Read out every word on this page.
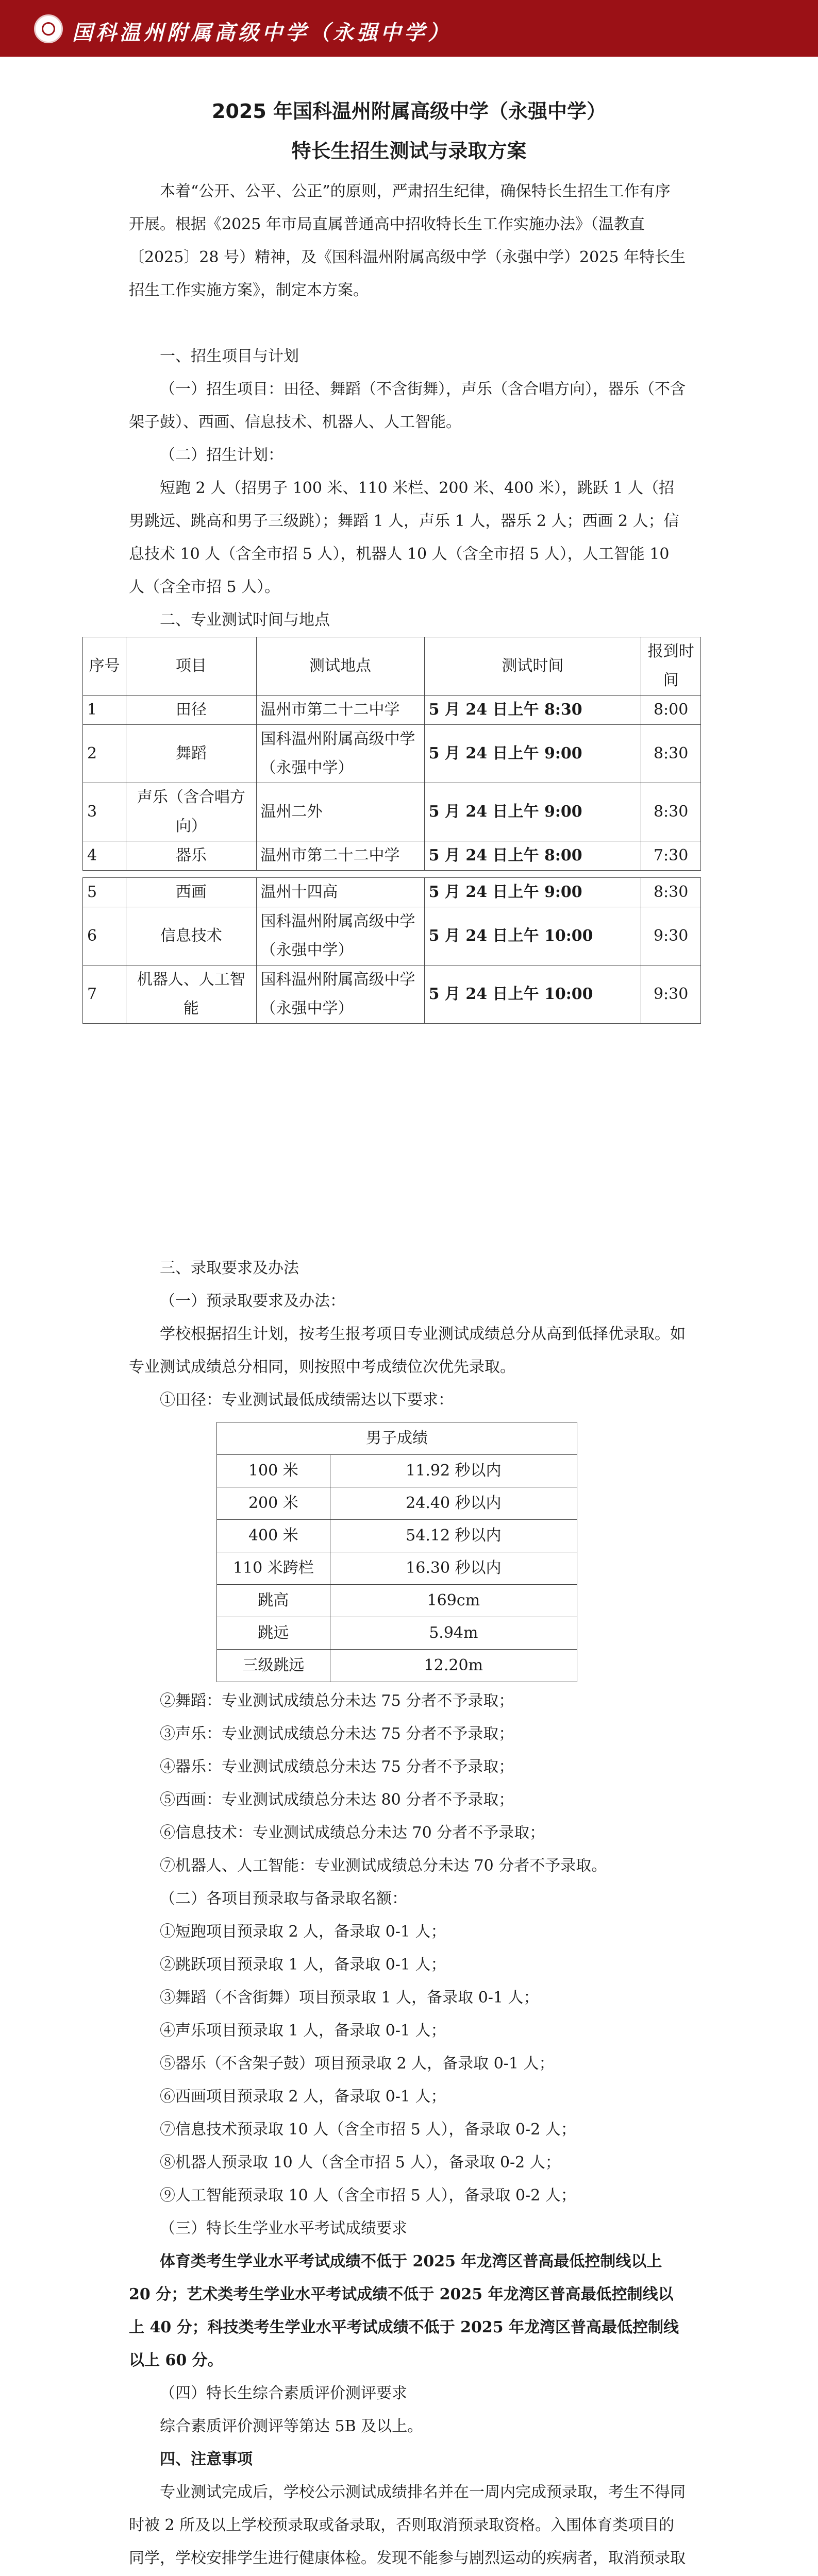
国科温州附属高级中学（永强中学）
2025 年国科温州附属高级中学（永强中学）
特长生招生测试与录取方案

本着“公开、公平、公正”的原则，严肃招生纪律，确保特长生招生工作有序开展。根据《2025 年市局直属普通高中招收特长生工作实施办法》（温教直〔2025〕28 号）精神，及《国科温州附属高级中学（永强中学）2025 年特长生招生工作实施方案》，制定本方案。

一、招生项目与计划

（一）招生项目：田径、舞蹈（不含街舞），声乐（含合唱方向），器乐（不含架子鼓）、西画、信息技术、机器人、人工智能。

（二）招生计划：

短跑 2 人（招男子 100 米、110 米栏、200 米、400 米），跳跃 1 人（招男跳远、跳高和男子三级跳）；舞蹈 1 人，声乐 1 人，器乐 2 人；西画 2 人；信息技术 10 人（含全市招 5 人），机器人 10 人（含全市招 5 人），人工智能 10 人（含全市招 5 人）。

二、专业测试时间与地点
序号	项目	测试地点	测试时间	报到时间
1	田径	温州市第二十二中学	5 月 24 日上午 8:30	8:00
2	舞蹈	国科温州附属高级中学（永强中学）	5 月 24 日上午 9:00	8:30
3	声乐（含合唱方向）	温州二外	5 月 24 日上午 9:00	8:30
4	器乐	温州市第二十二中学	5 月 24 日上午 8:00	7:30

5	西画	温州十四高	5 月 24 日上午 9:00	8:30
6	信息技术	国科温州附属高级中学（永强中学）	5 月 24 日上午 10:00	9:30
7	机器人、人工智能	国科温州附属高级中学（永强中学）	5 月 24 日上午 10:00	9:30
三、录取要求及办法
（一）预录取要求及办法：

学校根据招生计划，按考生报考项目专业测试成绩总分从高到低择优录取。如专业测试成绩总分相同，则按照中考成绩位次优先录取。

①田径：专业测试最低成绩需达以下要求：
男子成绩	
100 米	11.92 秒以内
200 米	24.40 秒以内
400 米	54.12 秒以内
110 米跨栏	16.30 秒以内
跳高	169cm
跳远	5.94m
三级跳远	12.20m
②舞蹈：专业测试成绩总分未达 75 分者不予录取；
③声乐：专业测试成绩总分未达 75 分者不予录取；
④器乐：专业测试成绩总分未达 75 分者不予录取；
⑤西画：专业测试成绩总分未达 80 分者不予录取；
⑥信息技术：专业测试成绩总分未达 70 分者不予录取；
⑦机器人、人工智能：专业测试成绩总分未达 70 分者不予录取。
（二）各项目预录取与备录取名额：
①短跑项目预录取 2 人，备录取 0-1 人；
②跳跃项目预录取 1 人，备录取 0-1 人；
③舞蹈（不含街舞）项目预录取 1 人，备录取 0-1 人；
④声乐项目预录取 1 人，备录取 0-1 人；
⑤器乐（不含架子鼓）项目预录取 2 人，备录取 0-1 人；
⑥西画项目预录取 2 人，备录取 0-1 人；
⑦信息技术预录取 10 人（含全市招 5 人），备录取 0-2 人；
⑧机器人预录取 10 人（含全市招 5 人），备录取 0-2 人；
⑨人工智能预录取 10 人（含全市招 5 人），备录取 0-2 人；
（三）特长生学业水平考试成绩要求

体育类考生学业水平考试成绩不低于 2025 年龙湾区普高最低控制线以上 20 分；艺术类考生学业水平考试成绩不低于 2025 年龙湾区普高最低控制线以上 40 分；科技类考生学业水平考试成绩不低于 2025 年龙湾区普高最低控制线以上 60 分。

（四）特长生综合素质评价测评要求
综合素质评价测评等第达 5B 及以上。
四、注意事项

专业测试完成后，学校公示测试成绩排名并在一周内完成预录取，考生不得同时被 2 所及以上学校预录取或备录取，否则取消预录取资格。入围体育类项目的同学，学校安排学生进行健康体检。发现不能参与剧烈运动的疾病者，取消预录取
